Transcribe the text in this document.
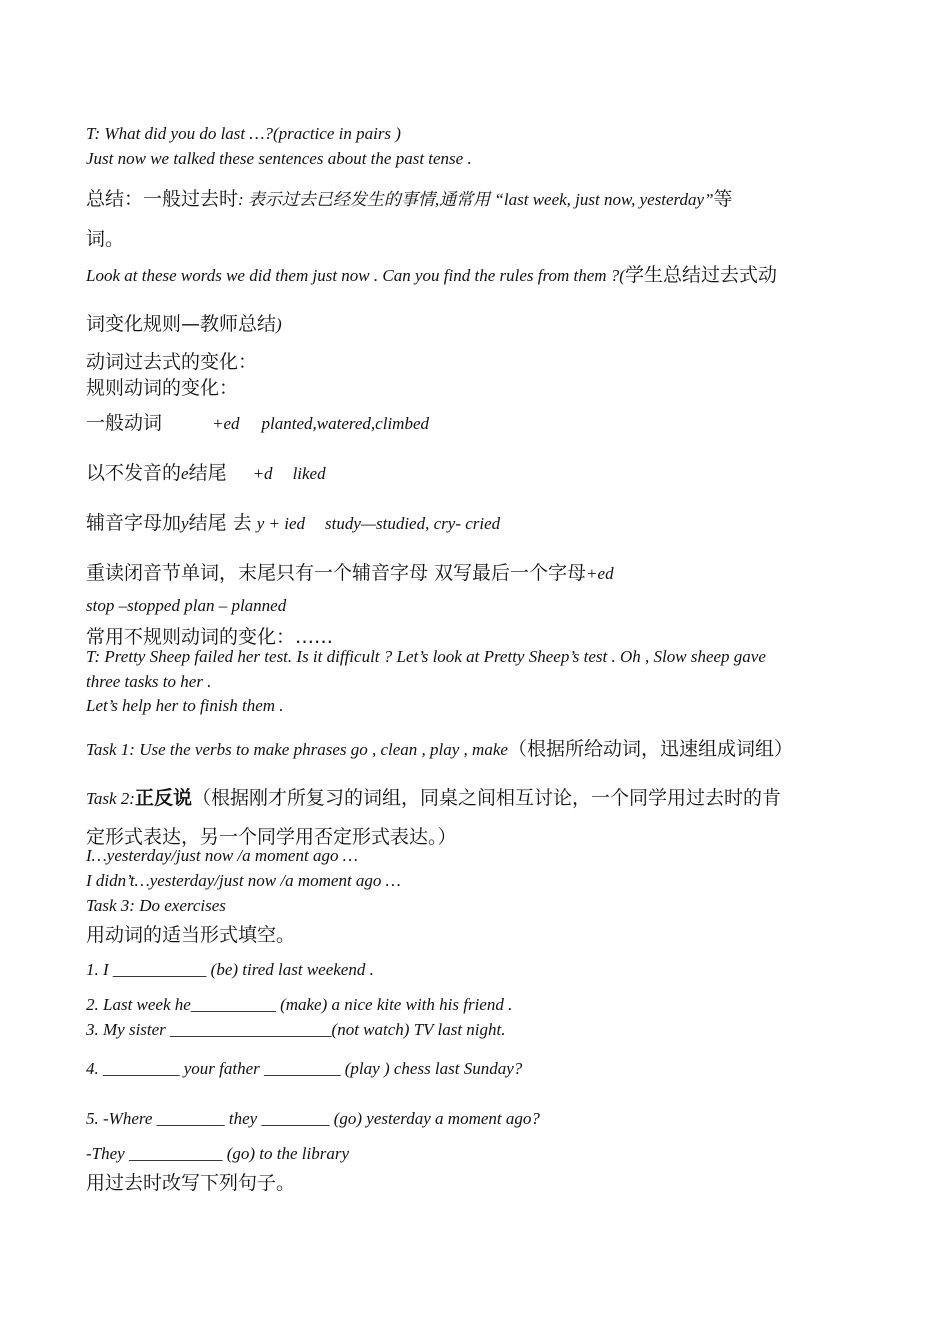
T: What did you do last …?(practice in pairs )
Just now we talked these sentences about the past tense .
总结：一般过去时: 表示过去已经发生的事情,通常用 “last week, just now, yesterday”等
词。
Look at these words we did them just now . Can you find the rules from them ?(学生总结过去式动
词变化规则—教师总结)
动词过去式的变化：
规则动词的变化：
一般动词	+ed planted,watered,climbed
以不发音的e结尾 +d liked
辅音字母加y结尾 去 y + ied study—studied, cry- cried
重读闭音节单词，末尾只有一个辅音字母 双写最后一个字母+ed
stop –stopped plan – planned
常用不规则动词的变化：……
T: Pretty Sheep failed her test. Is it difficult ? Let’s look at Pretty Sheep’s test . Oh , Slow sheep gave
three tasks to her .
Let’s help her to finish them .
Task 1: Use the verbs to make phrases go , clean , play , make（根据所给动词，迅速组成词组）
Task 2:正反说（根据刚才所复习的词组，同桌之间相互讨论，一个同学用过去时的肯
定形式表达，另一个同学用否定形式表达。）
I…yesterday/just now /a moment ago …
I didn’t…yesterday/just now /a moment ago …
Task 3: Do exercises
用动词的适当形式填空。
1. I ___________ (be) tired last weekend .
2. Last week he__________ (make) a nice kite with his friend .
3. My sister ___________________(not watch) TV last night.
4. _________ your father _________ (play ) chess last Sunday?
5. -Where ________ they ________ (go) yesterday a moment ago?
-They ___________ (go) to the library
用过去时改写下列句子。
